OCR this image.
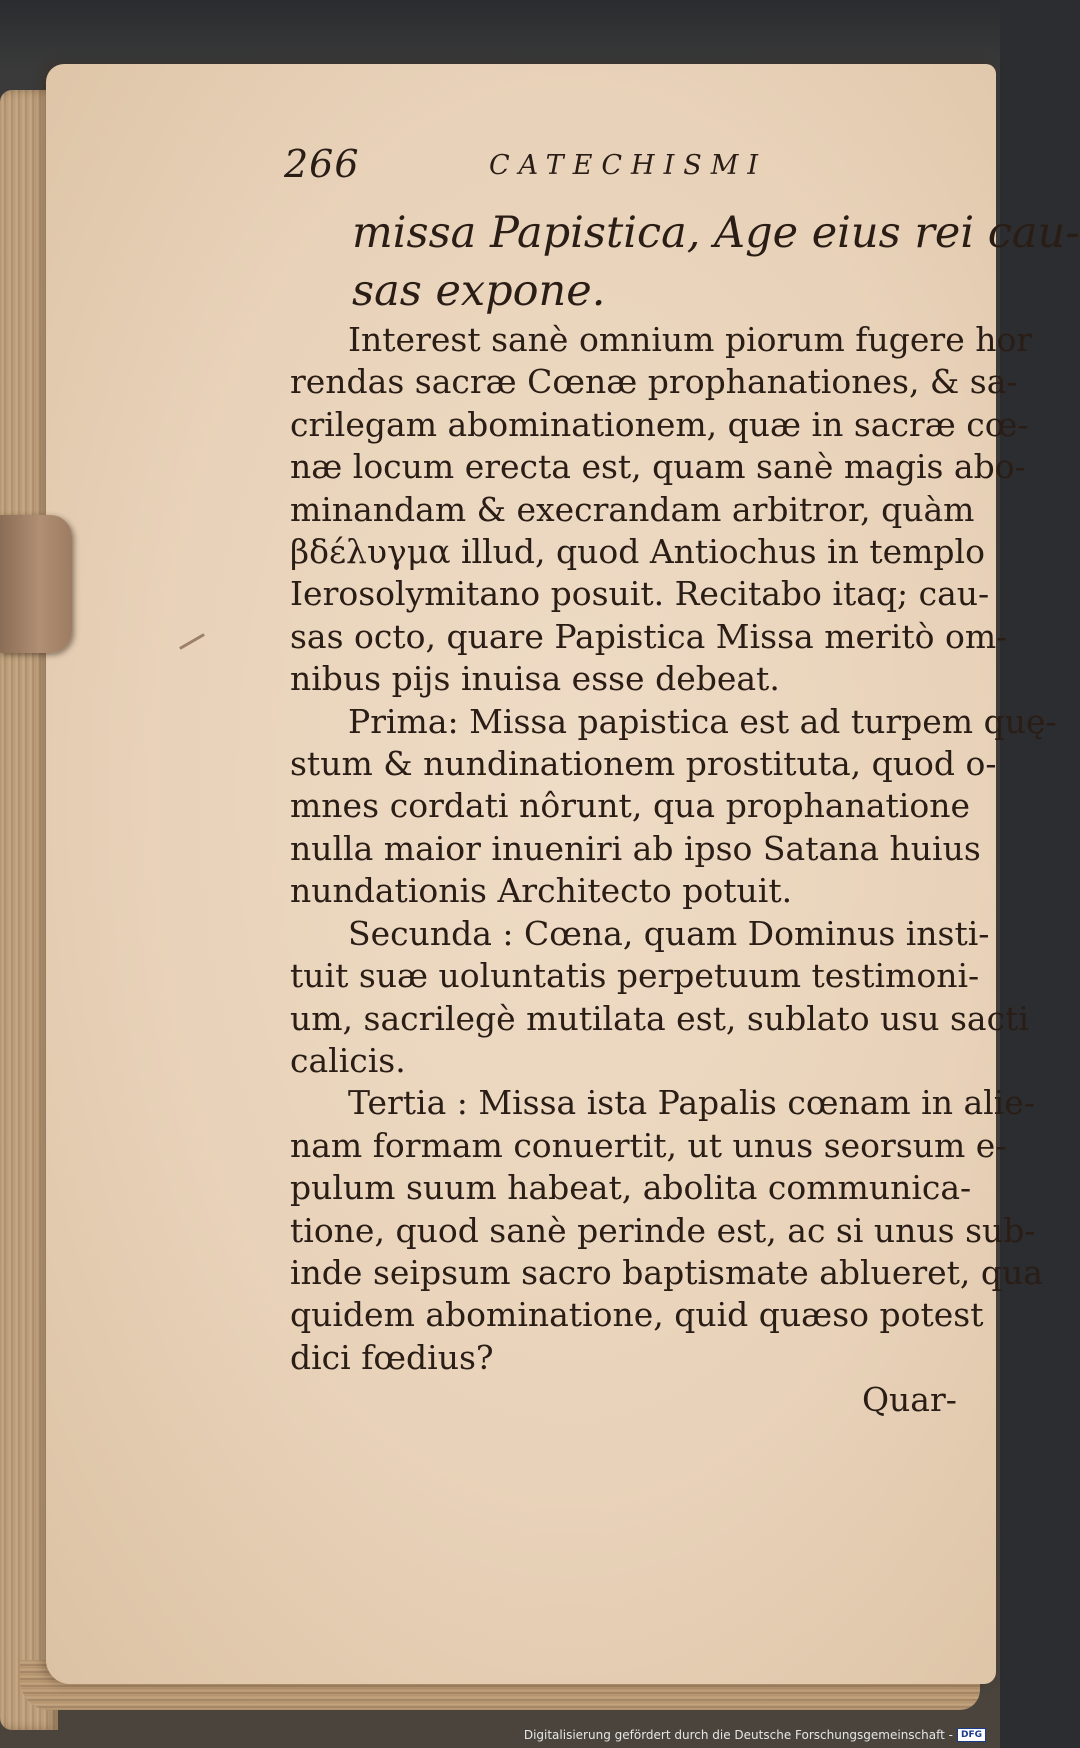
266	CATECHISMI
missa Papistica, Age eius rei cau-
sas expone.
Interest sanè omnium piorum fugere hor
rendas sacræ Cœnæ prophanationes, & sa-
crilegam abominationem, quæ in sacræ cœ-
næ locum erecta est, quam sanè magis abo-
minandam & execrandam arbitror, quàm
βδέλυγμα illud, quod Antiochus in templo
Ierosolymitano posuit. Recitabo itaq; cau-
sas octo, quare Papistica Missa meritò om-
nibus pijs inuisa esse debeat.
Prima: Missa papistica est ad turpem quę-
stum & nundinationem prostituta, quod o-
mnes cordati nôrunt, qua prophanatione
nulla maior inueniri ab ipso Satana huius
nundationis Architecto potuit.
Secunda : Cœna, quam Dominus insti-
tuit suæ uoluntatis perpetuum testimoni-
um, sacrilegè mutilata est, sublato usu sacti
calicis.
Tertia : Missa ista Papalis cœnam in alie-
nam formam conuertit, ut unus seorsum e-
pulum suum habeat, abolita communica-
tione, quod sanè perinde est, ac si unus sub-
inde seipsum sacro baptismate ablueret, qua
quidem abominatione, quid quæso potest
dici fœdius?
Quar-
Digitalisierung gefördert durch die Deutsche Forschungsgemeinschaft - DFG
